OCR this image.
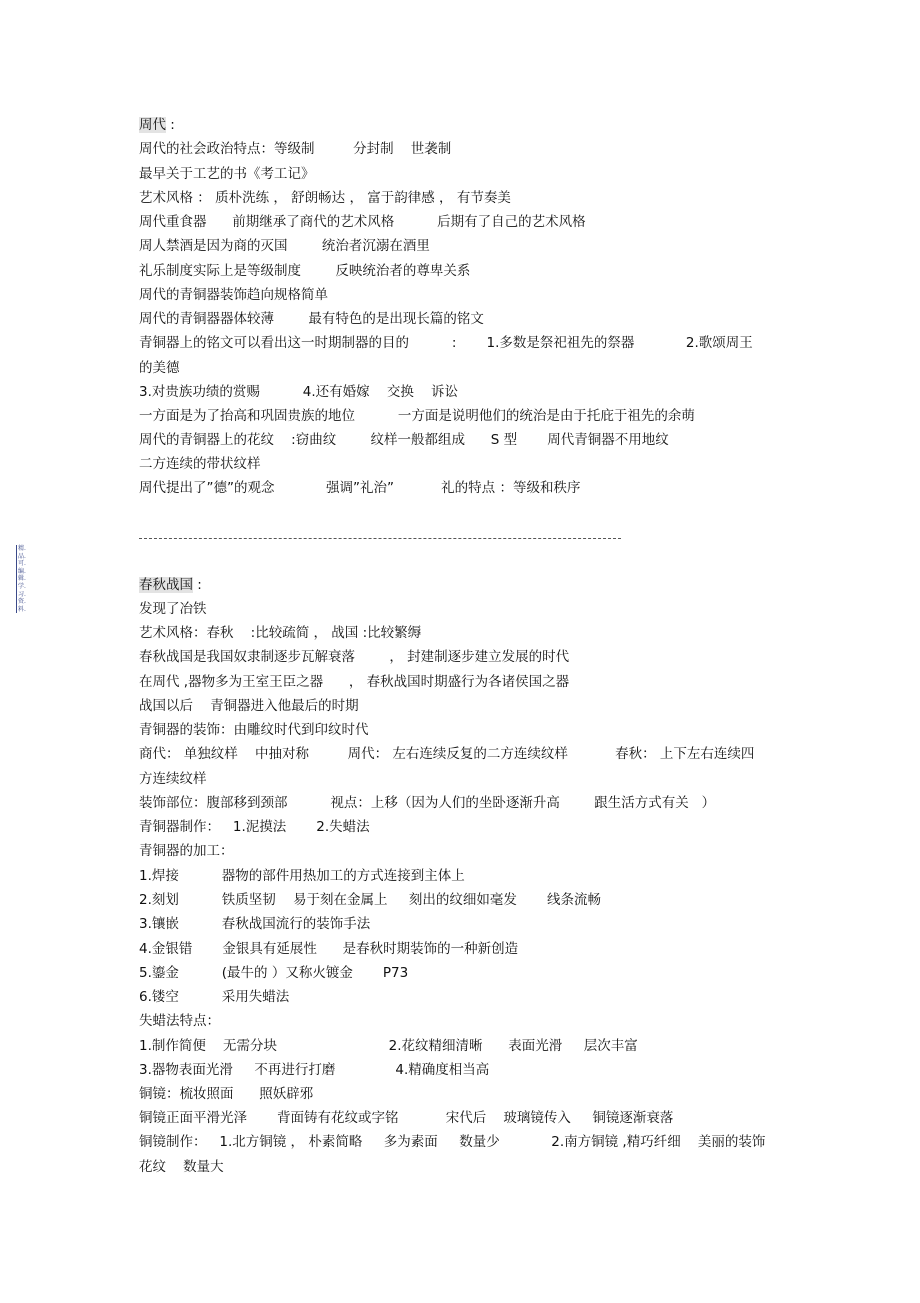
精.品.可.编.辑.学.习.资.料.
周代 :
周代的社会政治特点：等级制         分封制    世袭制
最早关于工艺的书《考工记》
艺术风格 ： 质朴洗练 ， 舒朗畅达 ， 富于韵律感 ， 有节奏美
周代重食器      前期继承了商代的艺术风格          后期有了自己的艺术风格
周人禁酒是因为商的灭国        统治者沉溺在酒里
礼乐制度实际上是等级制度        反映统治者的尊卑关系
周代的青铜器装饰趋向规格简单
周代的青铜器器体较薄        最有特色的是出现长篇的铭文
青铜器上的铭文可以看出这一时期制器的目的          :       1.多数是祭祀祖先的祭器            2.歌颂周王
的美德
3.对贵族功绩的赏赐          4.还有婚嫁    交换    诉讼
一方面是为了抬高和巩固贵族的地位          一方面是说明他们的统治是由于托庇于祖先的余萌
周代的青铜器上的花纹    :窃曲纹        纹样一般都组成      S 型       周代青铜器不用地纹
二方连续的带状纹样
周代提出了”德”的观念            强调”礼治”           礼的特点 ：等级和秩序
春秋战国 :
发现了冶铁
艺术风格：春秋    :比较疏简 ， 战国 :比较繁缛
春秋战国是我国奴隶制逐步瓦解衰落        ， 封建制逐步建立发展的时代
在周代 ,器物多为王室王臣之器      ， 春秋战国时期盛行为各诸侯国之器
战国以后    青铜器进入他最后的时期
青铜器的装饰：由雕纹时代到印纹时代
商代： 单独纹样    中抽对称         周代： 左右连续反复的二方连续纹样           春秋： 上下左右连续四
方连续纹样
装饰部位：腹部移到颈部          视点：上移（因为人们的坐卧逐渐升高        跟生活方式有关   ）
青铜器制作：   1.泥摸法       2.失蜡法
青铜器的加工：
1.焊接          器物的部件用热加工的方式连接到主体上
2.刻划          铁质坚韧    易于刻在金属上     刻出的纹细如毫发       线条流畅
3.镶嵌          春秋战国流行的装饰手法
4.金银错       金银具有延展性      是春秋时期装饰的一种新创造
5.鎏金          (最牛的 ）又称火镀金       P73
6.镂空          采用失蜡法
失蜡法特点：
1.制作简便    无需分块                          2.花纹精细清晰      表面光滑     层次丰富
3.器物表面光滑     不再进行打磨              4.精确度相当高
铜镜：梳妆照面      照妖辟邪
铜镜正面平滑光泽       背面铸有花纹或字铭           宋代后    玻璃镜传入     铜镜逐渐衰落
铜镜制作：   1.北方铜镜 ， 朴素简略     多为素面     数量少            2.南方铜镜 ,精巧纤细    美丽的装饰
花纹    数量大
